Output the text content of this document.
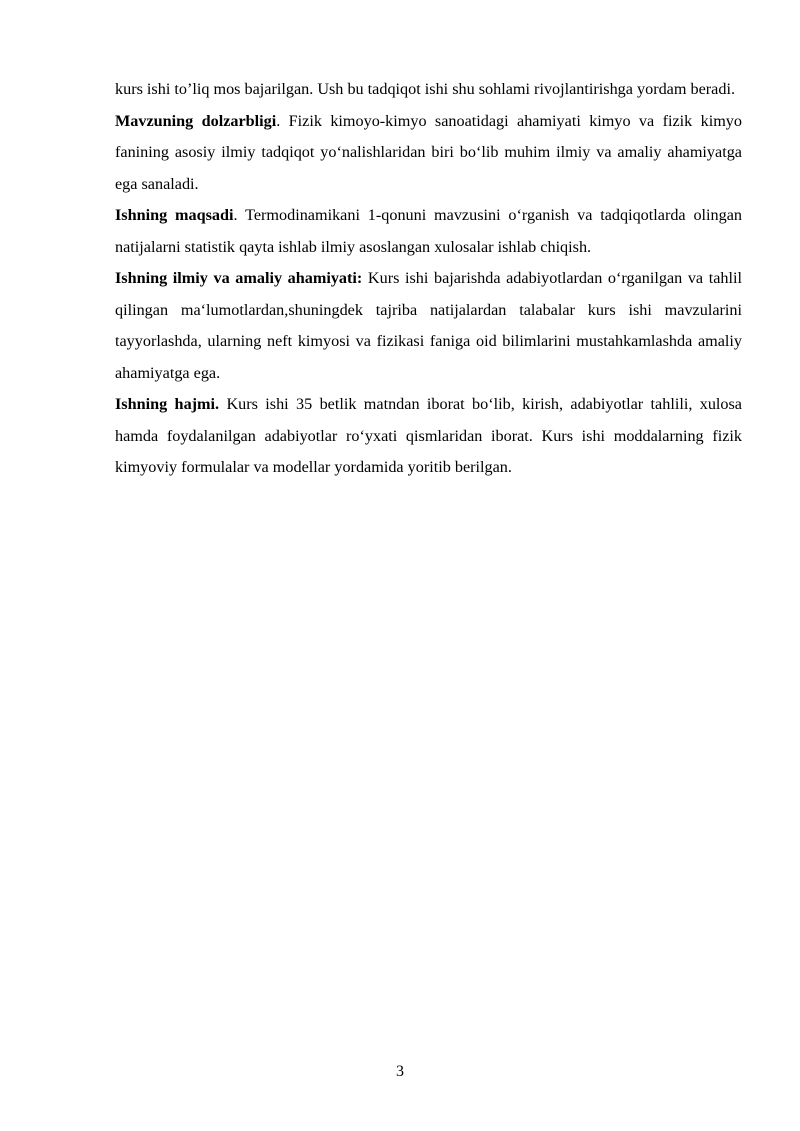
kurs ishi to’liq mos bajarilgan. Ush bu tadqiqot ishi shu sohlami rivojlantirishga yordam beradi.

Mavzuning dolzarbligi. Fizik kimoyo-kimyo sanoatidagi ahamiyati kimyo va fizik kimyo fanining asosiy ilmiy tadqiqot yo‘nalishlaridan biri bo‘lib muhim ilmiy va amaliy ahamiyatga ega sanaladi.

Ishning maqsadi. Termodinamikani 1-qonuni mavzusini o‘rganish va tadqiqotlarda olingan natijalarni statistik qayta ishlab ilmiy asoslangan xulosalar ishlab chiqish.

Ishning ilmiy va amaliy ahamiyati: Kurs ishi bajarishda adabiyotlardan o‘rganilgan va tahlil qilingan ma‘lumotlardan,shuningdek tajriba natijalardan talabalar kurs ishi mavzularini tayyorlashda, ularning neft kimyosi va fizikasi faniga oid bilimlarini mustahkamlashda amaliy ahamiyatga ega.

Ishning hajmi. Kurs ishi 35 betlik matndan iborat bo‘lib, kirish, adabiyotlar tahlili, xulosa hamda foydalanilgan adabiyotlar ro‘yxati qismlaridan iborat. Kurs ishi moddalarning fizik kimyoviy formulalar va modellar yordamida yoritib berilgan.

3
